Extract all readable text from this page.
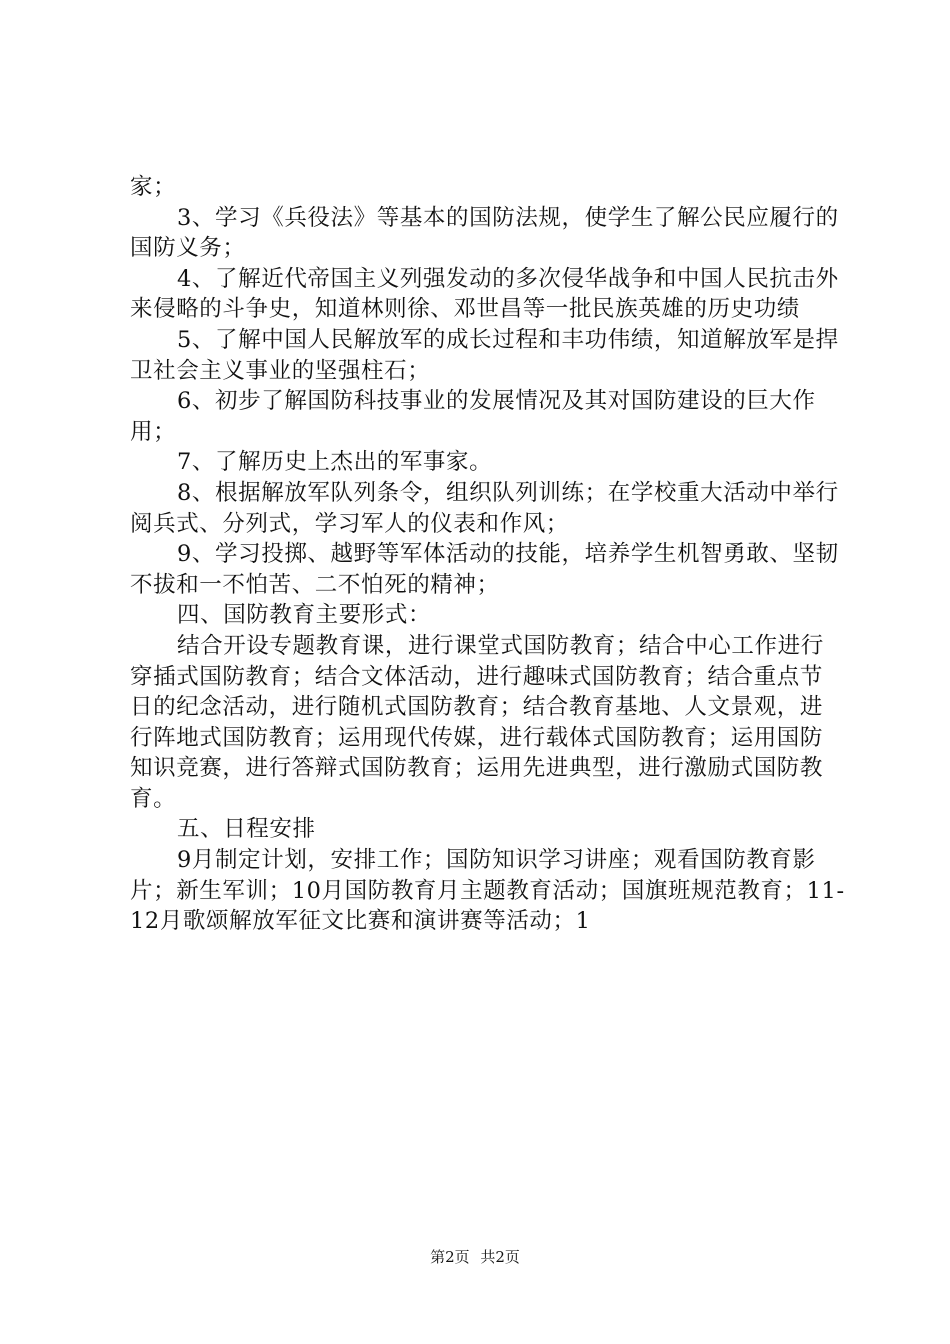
家；

3、学习《兵役法》等基本的国防法规，使学生了解公民应履行的国防义务；

4、了解近代帝国主义列强发动的多次侵华战争和中国人民抗击外来侵略的斗争史，知道林则徐、邓世昌等一批民族英雄的历史功绩

5、了解中国人民解放军的成长过程和丰功伟绩，知道解放军是捍卫社会主义事业的坚强柱石；

6、初步了解国防科技事业的发展情况及其对国防建设的巨大作用；

7、了解历史上杰出的军事家。

8、根据解放军队列条令，组织队列训练；在学校重大活动中举行阅兵式、分列式，学习军人的仪表和作风；

9、学习投掷、越野等军体活动的技能，培养学生机智勇敢、坚韧不拔和一不怕苦、二不怕死的精神；

四、国防教育主要形式：

结合开设专题教育课，进行课堂式国防教育；结合中心工作进行穿插式国防教育；结合文体活动，进行趣味式国防教育；结合重点节日的纪念活动，进行随机式国防教育；结合教育基地、人文景观，进行阵地式国防教育；运用现代传媒，进行载体式国防教育；运用国防知识竞赛，进行答辩式国防教育；运用先进典型，进行激励式国防教育。

五、日程安排

9月制定计划，安排工作；国防知识学习讲座；观看国防教育影片；新生军训；10月国防教育月主题教育活动；国旗班规范教育；11-12月歌颂解放军征文比赛和演讲赛等活动；1

第2页 共2页
